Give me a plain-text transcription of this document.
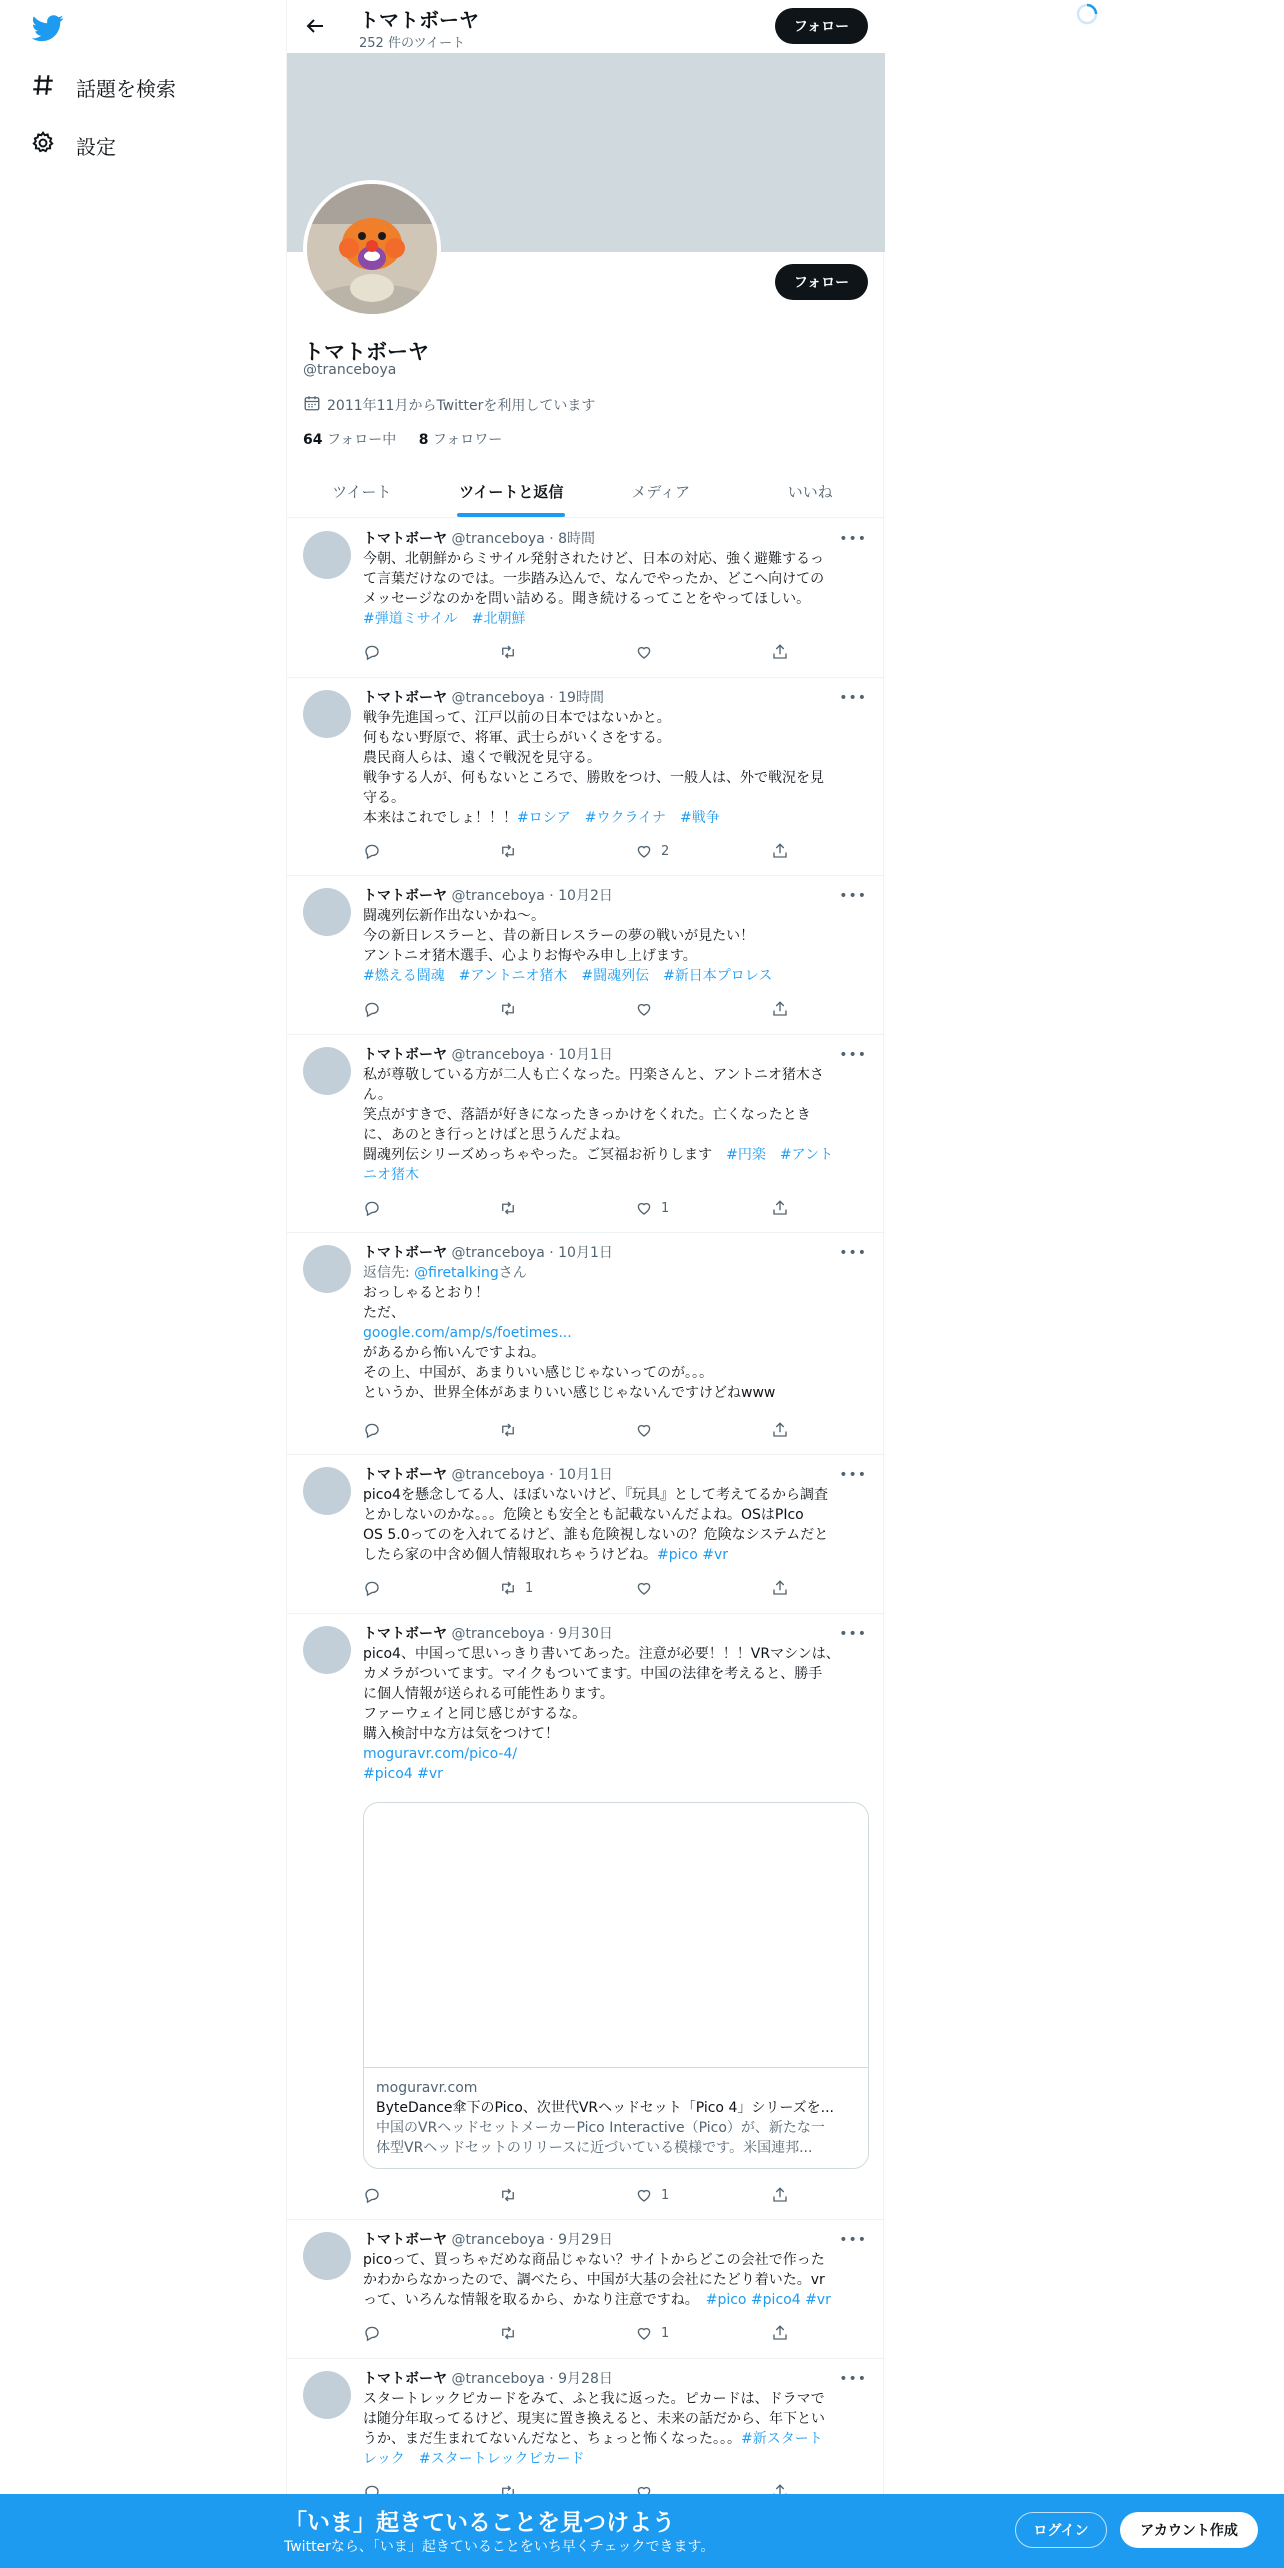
話題を検索
設定
トマトボーヤ
252 件のツイート
フォロー
フォロー
トマトボーヤ
@tranceboya
2011年11月からTwitterを利用しています
64 フォロー中 8 フォロワー
ツイート	ツイートと返信	メディア	いいね
トマトボーヤ @tranceboya · 8時間	•••
今朝、北朝鮮からミサイル発射されたけど、日本の対応、強く避難するっ
て言葉だけなのでは。一歩踏み込んで、なんでやったか、どこへ向けての
メッセージなのかを問い詰める。聞き続けるってことをやってほしい。
#弾道ミサイル　#北朝鮮
トマトボーヤ @tranceboya · 19時間	•••
戦争先進国って、江戸以前の日本ではないかと。
何もない野原で、将軍、武士らがいくさをする。
農民商人らは、遠くで戦況を見守る。
戦争する人が、何もないところで、勝敗をつけ、一般人は、外で戦況を見
守る。
本来はこれでしょ！！！#ロシア　#ウクライナ　#戦争
2
トマトボーヤ @tranceboya · 10月2日	•••
闘魂列伝新作出ないかね〜。
今の新日レスラーと、昔の新日レスラーの夢の戦いが見たい！
アントニオ猪木選手、心よりお悔やみ申し上げます。
#燃える闘魂　#アントニオ猪木　#闘魂列伝　#新日本プロレス
トマトボーヤ @tranceboya · 10月1日	•••
私が尊敬している方が二人も亡くなった。円楽さんと、アントニオ猪木さ
ん。
笑点がすきで、落語が好きになったきっかけをくれた。亡くなったとき
に、あのとき行っとけばと思うんだよね。
闘魂列伝シリーズめっちゃやった。ご冥福お祈りします　#円楽　#アント
ニオ猪木
1
トマトボーヤ @tranceboya · 10月1日	•••
返信先: @firetalkingさん
おっしゃるとおり！
ただ、
google.com/amp/s/foetimes...
があるから怖いんですよね。
その上、中国が、あまりいい感じじゃないってのが。。。
というか、世界全体があまりいい感じじゃないんですけどねwww
トマトボーヤ @tranceboya · 10月1日	•••
pico4を懸念してる人、ほぼいないけど、『玩具』として考えてるから調査
とかしないのかな。。。危険とも安全とも記載ないんだよね。OSはPIco
OS 5.0ってのを入れてるけど、誰も危険視しないの？危険なシステムだと
したら家の中含め個人情報取れちゃうけどね。#pico #vr
1
トマトボーヤ @tranceboya · 9月30日	•••
pico4、中国って思いっきり書いてあった。注意が必要！！！VRマシンは、
カメラがついてます。マイクもついてます。中国の法律を考えると、勝手
に個人情報が送られる可能性あります。
ファーウェイと同じ感じがするな。
購入検討中な方は気をつけて！
moguravr.com/pico-4/
#pico4 #vr
moguravr.com
ByteDance傘下のPico、次世代VRヘッドセット「Pico 4」シリーズを...
中国のVRヘッドセットメーカーPico Interactive（Pico）が、新たな一
体型VRヘッドセットのリリースに近づいている模様です。米国連邦...
1
トマトボーヤ @tranceboya · 9月29日	•••
picoって、買っちゃだめな商品じゃない？サイトからどこの会社で作った
かわからなかったので、調べたら、中国が大基の会社にたどり着いた。vr
って、いろんな情報を取るから、かなり注意ですね。　#pico #pico4 #vr
1
トマトボーヤ @tranceboya · 9月28日	•••
スタートレックピカードをみて、ふと我に返った。ピカードは、ドラマで
は随分年取ってるけど、現実に置き換えると、未来の話だから、年下とい
うか、まだ生まれてないんだなと、ちょっと怖くなった。。。#新スタート
レック　#スタートレックピカード
「いま」起きていることを見つけよう
Twitterなら、「いま」起きていることをいち早くチェックできます。
ログイン	アカウント作成
